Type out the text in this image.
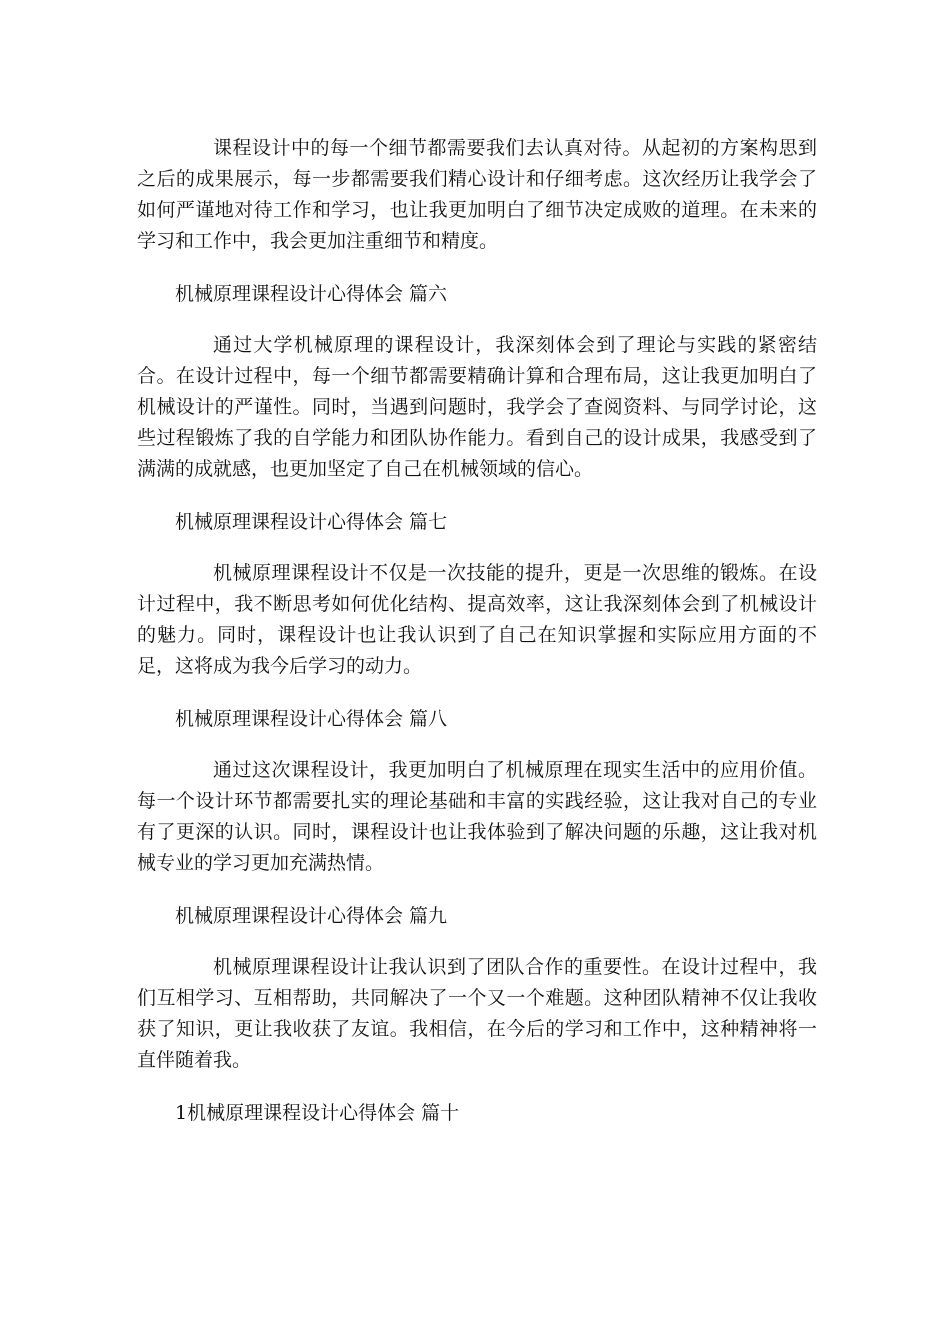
课程设计中的每一个细节都需要我们去认真对待。从起初的方案构思到之后的成果展示，每一步都需要我们精心设计和仔细考虑。这次经历让我学会了如何严谨地对待工作和学习，也让我更加明白了细节决定成败的道理。在未来的学习和工作中，我会更加注重细节和精度。

机械原理课程设计心得体会 篇六

通过大学机械原理的课程设计，我深刻体会到了理论与实践的紧密结合。在设计过程中，每一个细节都需要精确计算和合理布局，这让我更加明白了机械设计的严谨性。同时，当遇到问题时，我学会了查阅资料、与同学讨论，这些过程锻炼了我的自学能力和团队协作能力。看到自己的设计成果，我感受到了满满的成就感，也更加坚定了自己在机械领域的信心。

机械原理课程设计心得体会 篇七

机械原理课程设计不仅是一次技能的提升，更是一次思维的锻炼。在设计过程中，我不断思考如何优化结构、提高效率，这让我深刻体会到了机械设计的魅力。同时，课程设计也让我认识到了自己在知识掌握和实际应用方面的不足，这将成为我今后学习的动力。

机械原理课程设计心得体会 篇八

通过这次课程设计，我更加明白了机械原理在现实生活中的应用价值。每一个设计环节都需要扎实的理论基础和丰富的实践经验，这让我对自己的专业有了更深的认识。同时，课程设计也让我体验到了解决问题的乐趣，这让我对机械专业的学习更加充满热情。

机械原理课程设计心得体会 篇九

机械原理课程设计让我认识到了团队合作的重要性。在设计过程中，我们互相学习、互相帮助，共同解决了一个又一个难题。这种团队精神不仅让我收获了知识，更让我收获了友谊。我相信，在今后的学习和工作中，这种精神将一直伴随着我。

1机械原理课程设计心得体会 篇十
